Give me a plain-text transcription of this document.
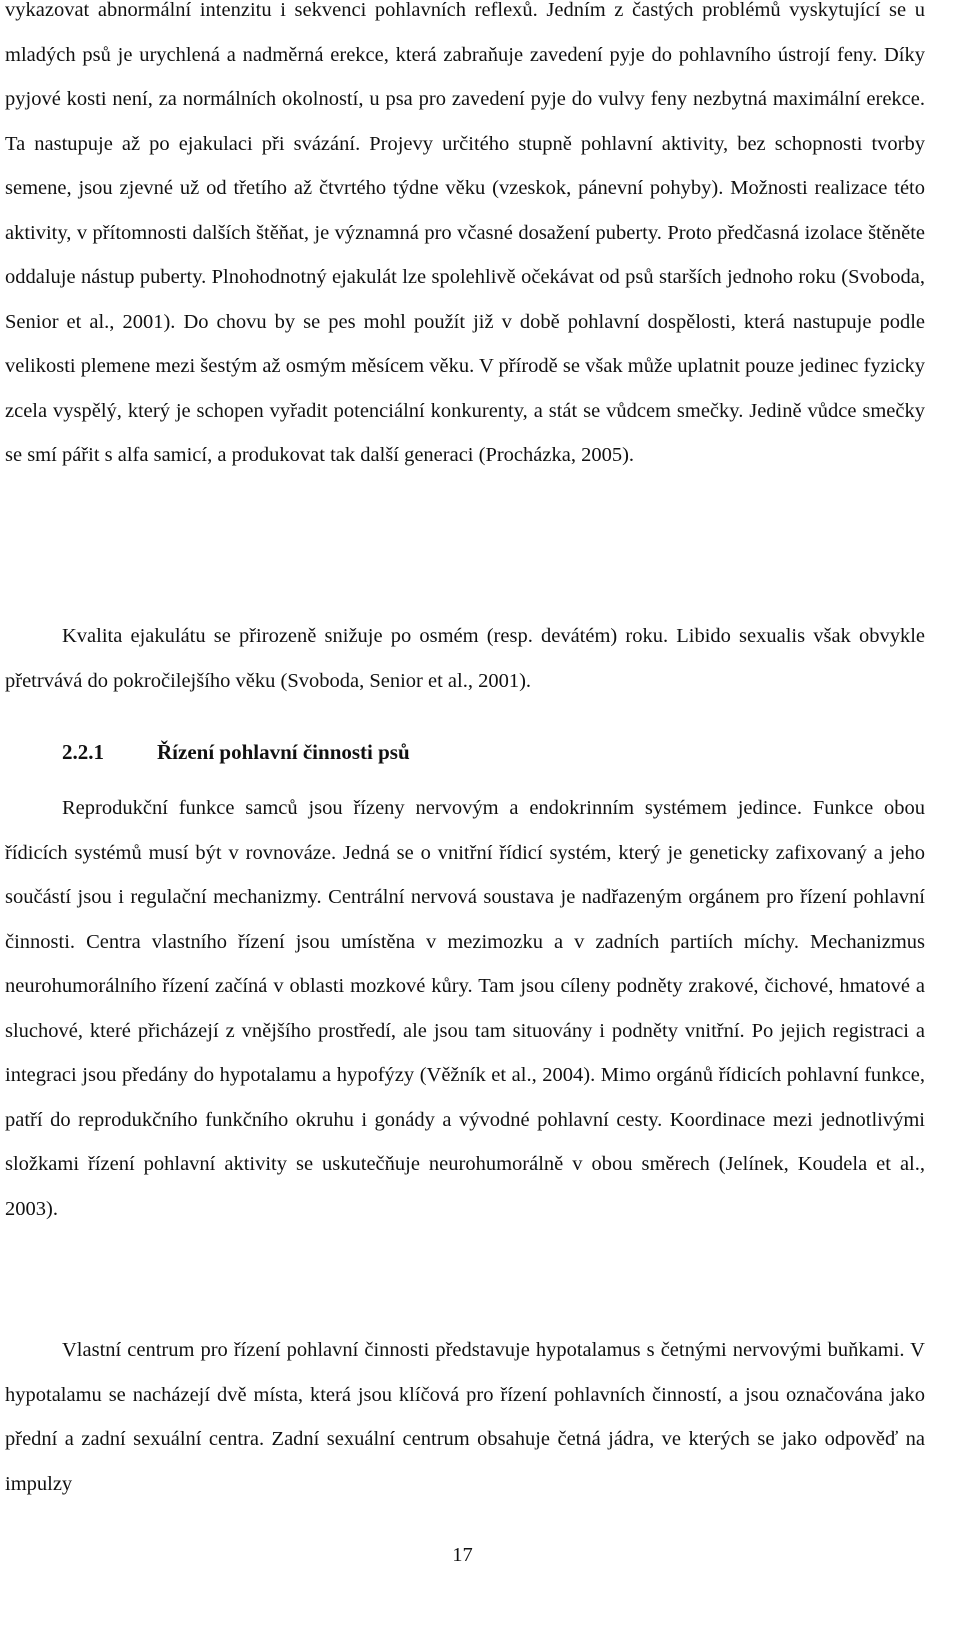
vykazovat abnormální intenzitu i sekvenci pohlavních reflexů. Jedním z častých problémů vyskytující se u mladých psů je urychlená a nadměrná erekce, která zabraňuje zavedení pyje do pohlavního ústrojí feny. Díky pyjové kosti není, za normálních okolností, u psa pro zavedení pyje do vulvy feny nezbytná maximální erekce. Ta nastupuje až po ejakulaci při svázání. Projevy určitého stupně pohlavní aktivity, bez schopnosti tvorby semene, jsou zjevné už od třetího až čtvrtého týdne věku (vzeskok, pánevní pohyby). Možnosti realizace této aktivity, v přítomnosti dalších štěňat, je významná pro včasné dosažení puberty. Proto předčasná izolace štěněte oddaluje nástup puberty. Plnohodnotný ejakulát lze spolehlivě očekávat od psů starších jednoho roku (Svoboda, Senior et al., 2001). Do chovu by se pes mohl použít již v době pohlavní dospělosti, která nastupuje podle velikosti plemene mezi šestým až osmým měsícem věku. V přírodě se však může uplatnit pouze jedinec fyzicky zcela vyspělý, který je schopen vyřadit potenciální konkurenty, a stát se vůdcem smečky. Jedině vůdce smečky se smí pářit s alfa samicí, a produkovat tak další generaci (Procházka, 2005).

Kvalita ejakulátu se přirozeně snižuje po osmém (resp. devátém) roku. Libido sexualis však obvykle přetrvává do pokročilejšího věku (Svoboda, Senior et al., 2001).

2.2.1	Řízení pohlavní činnosti psů

Reprodukční funkce samců jsou řízeny nervovým a endokrinním systémem jedince. Funkce obou řídicích systémů musí být v rovnováze. Jedná se o vnitřní řídicí systém, který je geneticky zafixovaný a jeho součástí jsou i regulační mechanizmy. Centrální nervová soustava je nadřazeným orgánem pro řízení pohlavní činnosti. Centra vlastního řízení jsou umístěna v mezimozku a v zadních partiích míchy. Mechanizmus neurohumorálního řízení začíná v oblasti mozkové kůry. Tam jsou cíleny podněty zrakové, čichové, hmatové a sluchové, které přicházejí z vnějšího prostředí, ale jsou tam situovány i podněty vnitřní. Po jejich registraci a integraci jsou předány do hypotalamu a hypofýzy (Věžník et al., 2004). Mimo orgánů řídicích pohlavní funkce, patří do reprodukčního funkčního okruhu i gonády a vývodné pohlavní cesty. Koordinace mezi jednotlivými složkami řízení pohlavní aktivity se uskutečňuje neurohumorálně v obou směrech (Jelínek, Koudela et al., 2003).

Vlastní centrum pro řízení pohlavní činnosti představuje hypotalamus s četnými nervovými buňkami. V hypotalamu se nacházejí dvě místa, která jsou klíčová pro řízení pohlavních činností, a jsou označována jako přední a zadní sexuální centra. Zadní sexuální centrum obsahuje četná jádra, ve kterých se jako odpověď na impulzy

17
